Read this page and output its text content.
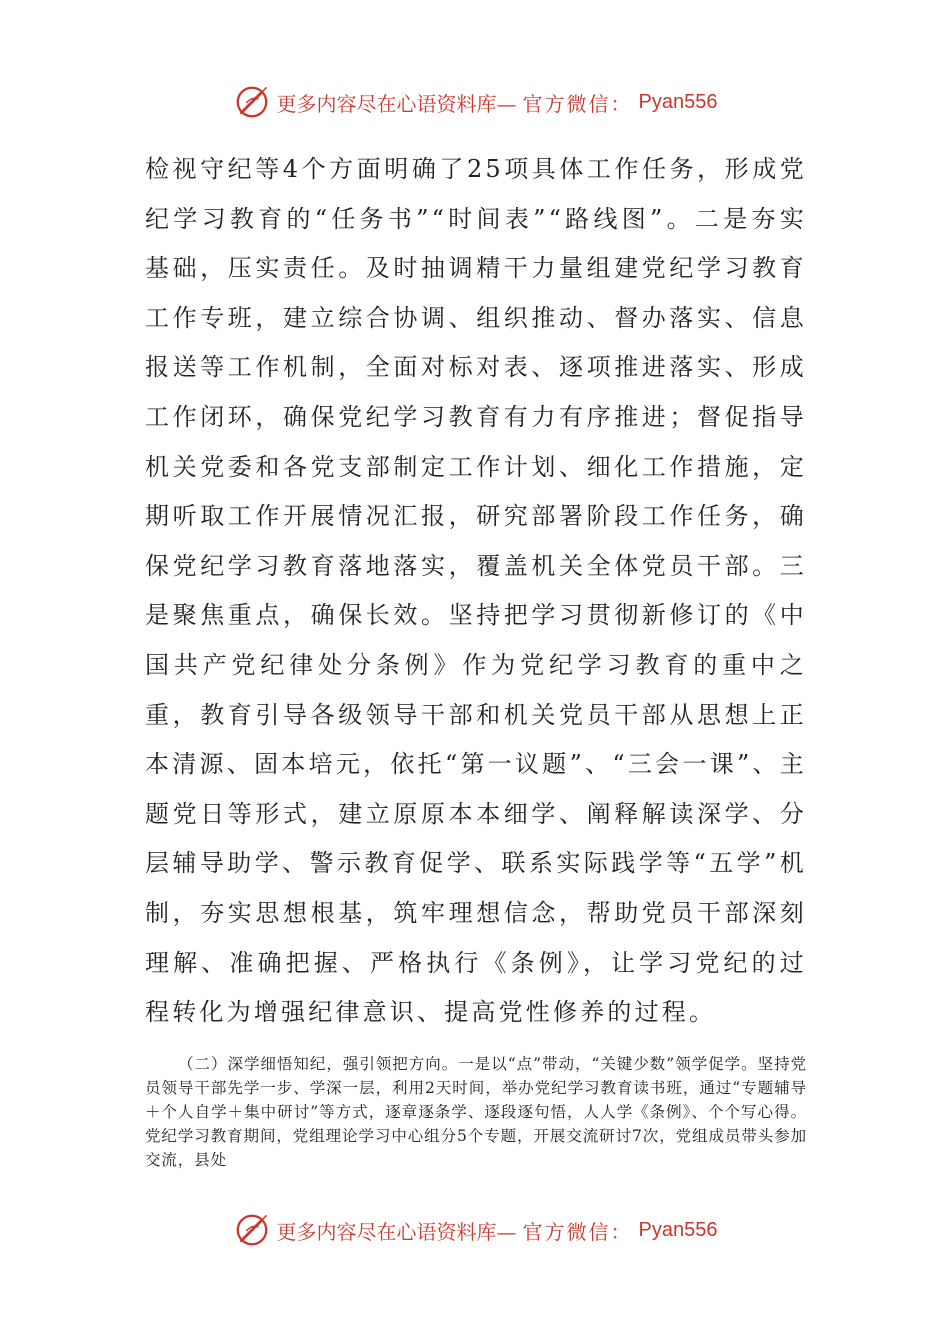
更多内容尽在心语资料库— 官方微信： Pyan556

检视守纪等4个方面明确了25项具体工作任务，形成党纪学习教育的“任务书”“时间表”“路线图”。二是夯实基础，压实责任。及时抽调精干力量组建党纪学习教育工作专班，建立综合协调、组织推动、督办落实、信息报送等工作机制，全面对标对表、逐项推进落实、形成工作闭环，确保党纪学习教育有力有序推进；督促指导机关党委和各党支部制定工作计划、细化工作措施，定期听取工作开展情况汇报，研究部署阶段工作任务，确保党纪学习教育落地落实，覆盖机关全体党员干部。三是聚焦重点，确保长效。坚持把学习贯彻新修订的《中国共产党纪律处分条例》作为党纪学习教育的重中之重，教育引导各级领导干部和机关党员干部从思想上正本清源、固本培元，依托“第一议题”、“三会一课”、主题党日等形式，建立原原本本细学、阐释解读深学、分层辅导助学、警示教育促学、联系实际践学等“五学”机制，夯实思想根基，筑牢理想信念，帮助党员干部深刻理解、准确把握、严格执行《条例》，让学习党纪的过程转化为增强纪律意识、提高党性修养的过程。

（二）深学细悟知纪，强引领把方向。一是以“点”带动，“关键少数”领学促学。坚持党员领导干部先学一步、学深一层，利用2天时间，举办党纪学习教育读书班，通过“专题辅导＋个人自学＋集中研讨”等方式，逐章逐条学、逐段逐句悟，人人学《条例》、个个写心得。党纪学习教育期间，党组理论学习中心组分5个专题，开展交流研讨7次，党组成员带头参加交流，县处

更多内容尽在心语资料库— 官方微信： Pyan556
